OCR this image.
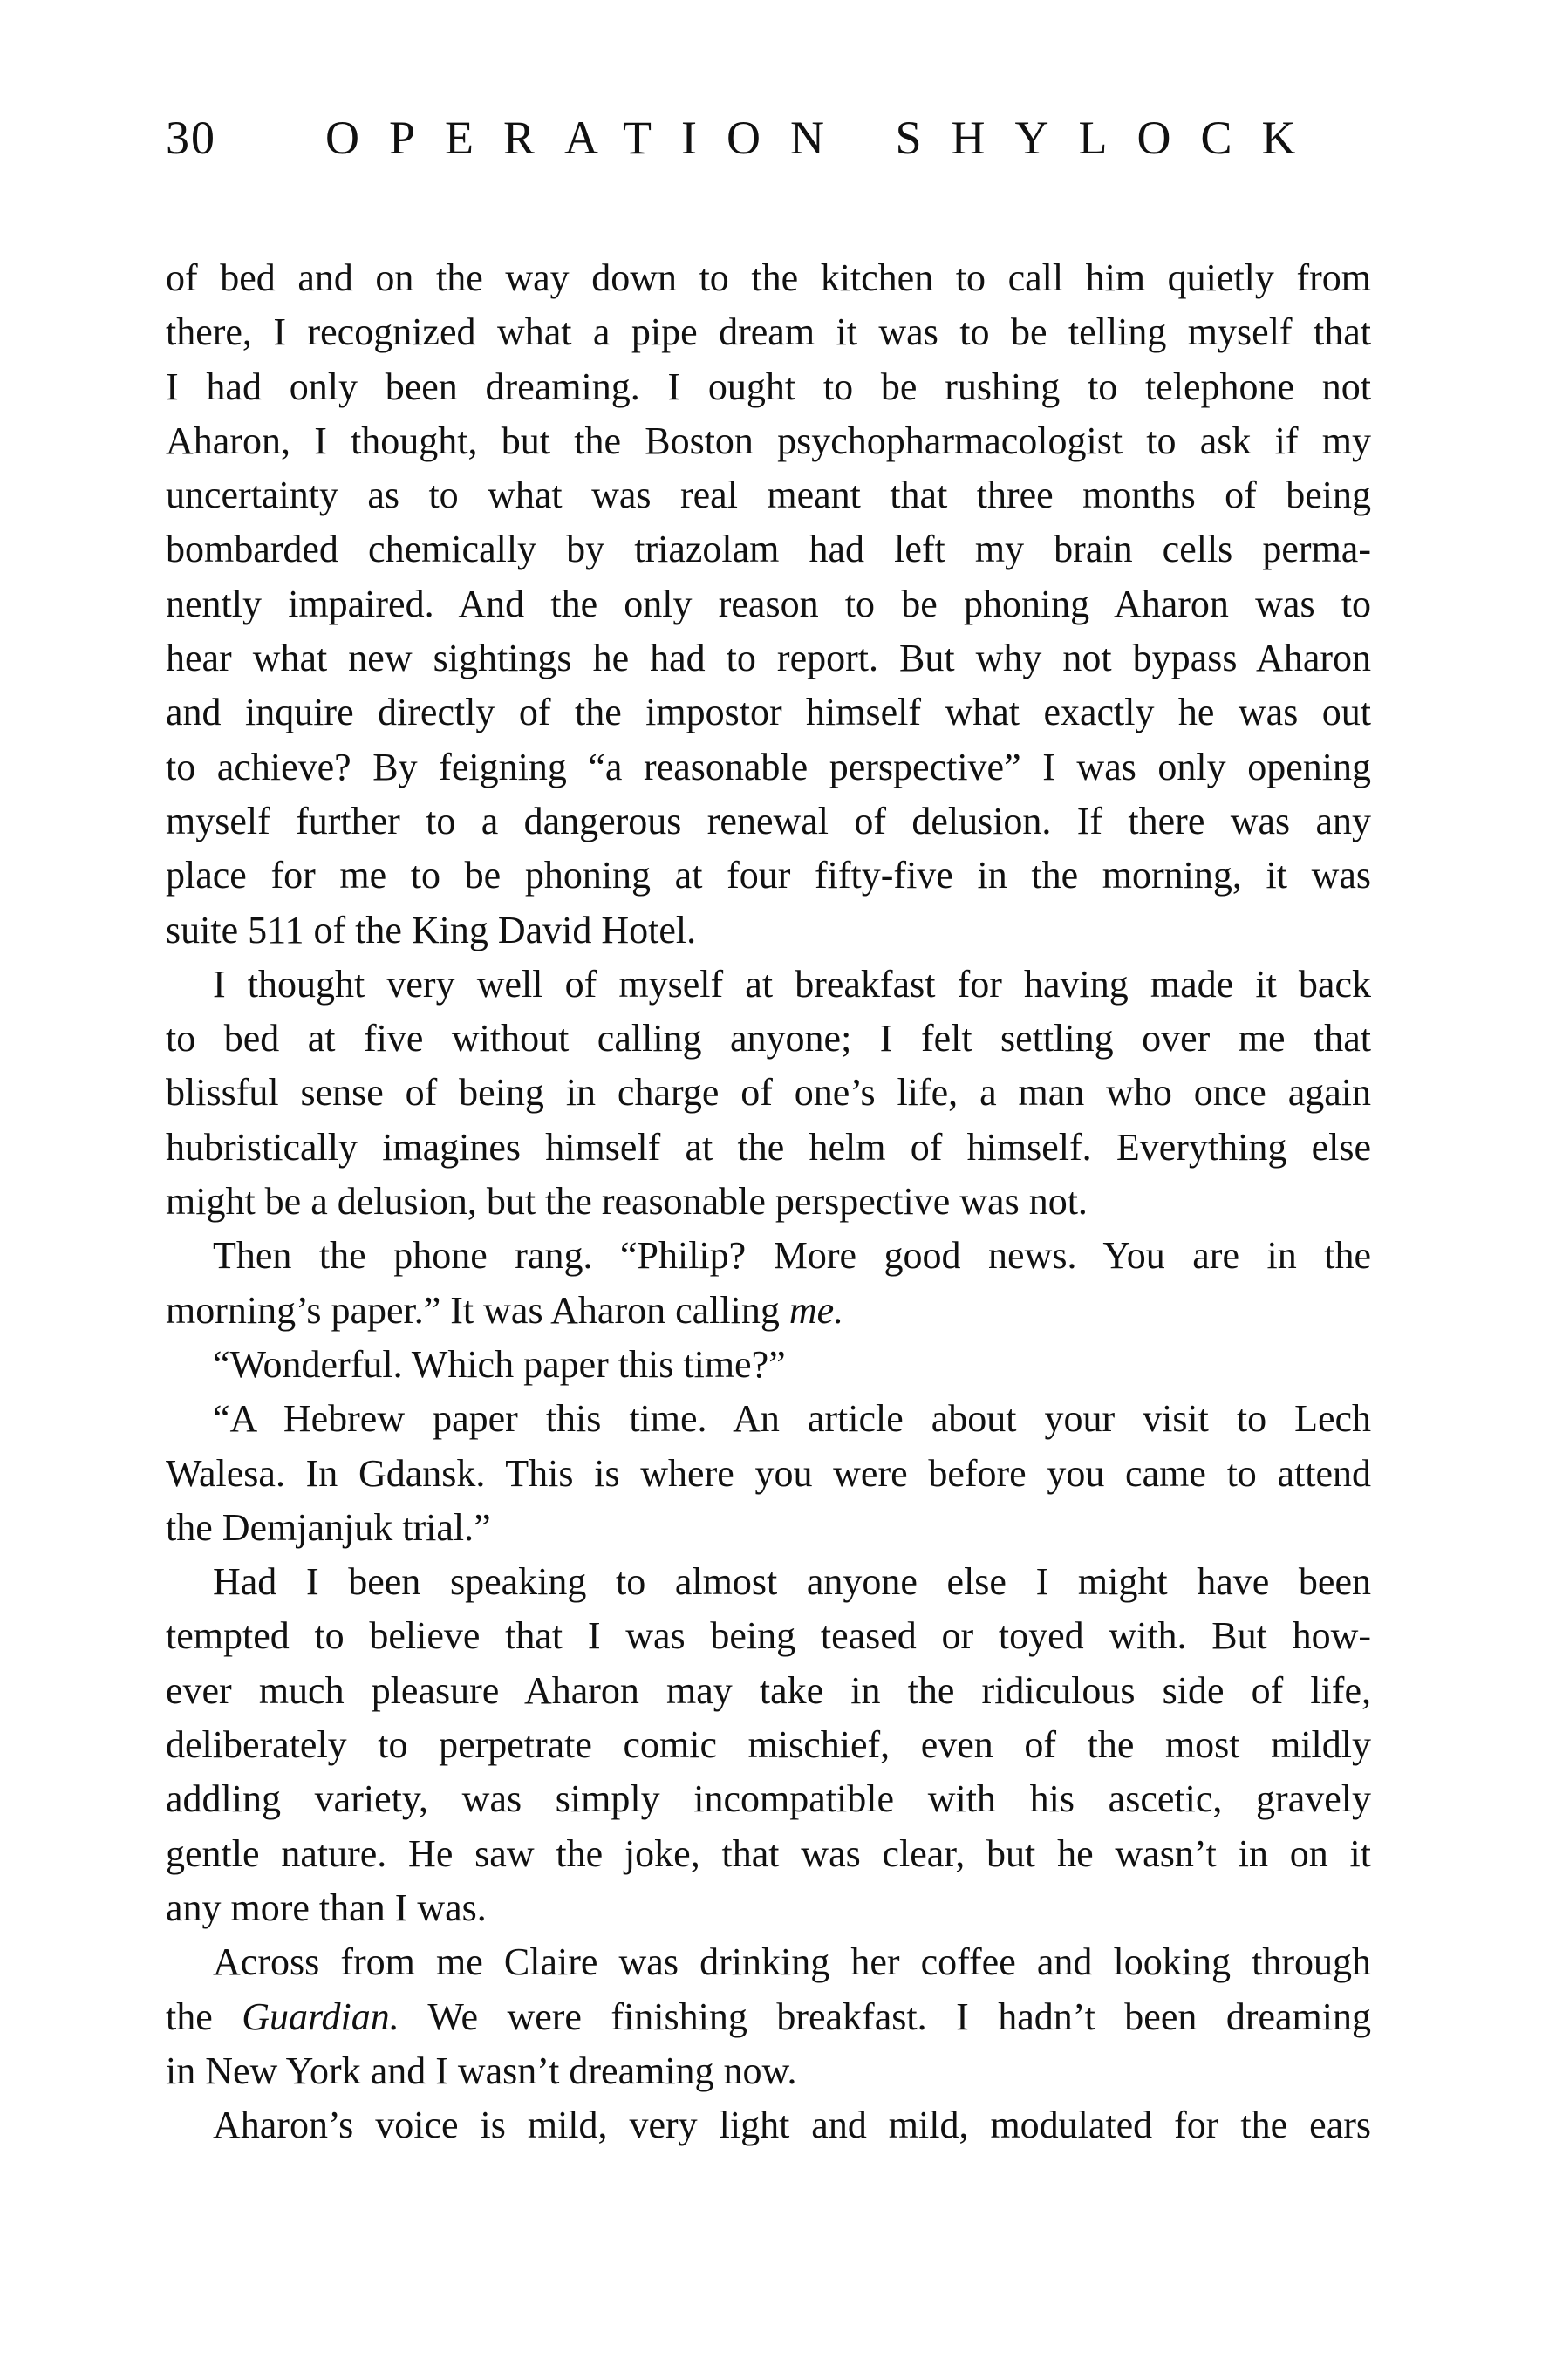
30 OPERATION SHYLOCK
of bed and on the way down to the kitchen to call him quietly from
there, I recognized what a pipe dream it was to be telling myself that
I had only been dreaming. I ought to be rushing to telephone not
Aharon, I thought, but the Boston psychopharmacologist to ask if my
uncertainty as to what was real meant that three months of being
bombarded chemically by triazolam had left my brain cells perma-
nently impaired. And the only reason to be phoning Aharon was to
hear what new sightings he had to report. But why not bypass Aharon
and inquire directly of the impostor himself what exactly he was out
to achieve? By feigning “a reasonable perspective” I was only opening
myself further to a dangerous renewal of delusion. If there was any
place for me to be phoning at four fifty-five in the morning, it was
suite 511 of the King David Hotel.
I thought very well of myself at breakfast for having made it back
to bed at five without calling anyone; I felt settling over me that
blissful sense of being in charge of one’s life, a man who once again
hubristically imagines himself at the helm of himself. Everything else
might be a delusion, but the reasonable perspective was not.
Then the phone rang. “Philip? More good news. You are in the
morning’s paper.” It was Aharon calling me.
“Wonderful. Which paper this time?”
“A Hebrew paper this time. An article about your visit to Lech
Walesa. In Gdansk. This is where you were before you came to attend
the Demjanjuk trial.”
Had I been speaking to almost anyone else I might have been
tempted to believe that I was being teased or toyed with. But how-
ever much pleasure Aharon may take in the ridiculous side of life,
deliberately to perpetrate comic mischief, even of the most mildly
addling variety, was simply incompatible with his ascetic, gravely
gentle nature. He saw the joke, that was clear, but he wasn’t in on it
any more than I was.
Across from me Claire was drinking her coffee and looking through
the Guardian. We were finishing breakfast. I hadn’t been dreaming
in New York and I wasn’t dreaming now.
Aharon’s voice is mild, very light and mild, modulated for the ears
